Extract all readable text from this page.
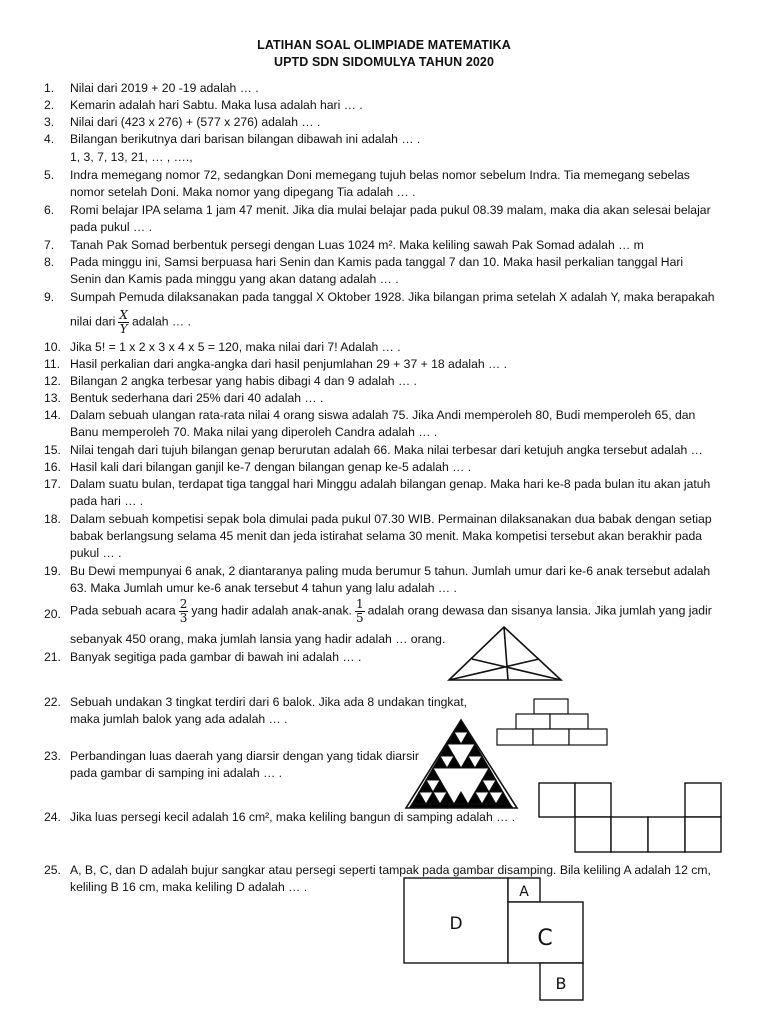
LATIHAN SOAL OLIMPIADE MATEMATIKA
UPTD SDN SIDOMULYA TAHUN 2020
1. Nilai dari 2019 + 20 -19 adalah … .
2. Kemarin adalah hari Sabtu. Maka lusa adalah hari … .
3. Nilai dari (423 x 276) + (577 x 276) adalah … .
4. Bilangan berikutnya dari barisan bilangan dibawah ini adalah … .
1, 3, 7, 13, 21, … , ….,
5. Indra memegang nomor 72, sedangkan Doni memegang tujuh belas nomor sebelum Indra. Tia memegang sebelas
nomor setelah Doni. Maka nomor yang dipegang Tia adalah … .
6. Romi belajar IPA selama 1 jam 47 menit. Jika dia mulai belajar pada pukul 08.39 malam, maka dia akan selesai belajar
pada pukul … .
7. Tanah Pak Somad berbentuk persegi dengan Luas 1024 m². Maka keliling sawah Pak Somad adalah … m
8. Pada minggu ini, Samsi berpuasa hari Senin dan Kamis pada tanggal 7 dan 10. Maka hasil perkalian tanggal Hari
Senin dan Kamis pada minggu yang akan datang adalah … .
9. Sumpah Pemuda dilaksanakan pada tanggal X Oktober 1928. Jika bilangan prima setelah X adalah Y, maka berapakah
nilai dari $\frac{X}{Y}$ adalah … .
10. Jika 5! = 1 x 2 x 3 x 4 x 5 = 120, maka nilai dari 7! Adalah … .
11. Hasil perkalian dari angka-angka dari hasil penjumlahan 29 + 37 + 18 adalah … .
12. Bilangan 2 angka terbesar yang habis dibagi 4 dan 9 adalah … .
13. Bentuk sederhana dari 25% dari 40 adalah … .
14. Dalam sebuah ulangan rata-rata nilai 4 orang siswa adalah 75. Jika Andi memperoleh 80, Budi memperoleh 65, dan
Banu memperoleh 70. Maka nilai yang diperoleh Candra adalah … .
15. Nilai tengah dari tujuh bilangan genap berurutan adalah 66. Maka nilai terbesar dari ketujuh angka tersebut adalah …
16. Hasil kali dari bilangan ganjil ke-7 dengan bilangan genap ke-5 adalah … .
17. Dalam suatu bulan, terdapat tiga tanggal hari Minggu adalah bilangan genap. Maka hari ke-8 pada bulan itu akan jatuh
pada hari … .
18. Dalam sebuah kompetisi sepak bola dimulai pada pukul 07.30 WIB. Permainan dilaksanakan dua babak dengan setiap
babak berlangsung selama 45 menit dan jeda istirahat selama 30 menit. Maka kompetisi tersebut akan berakhir pada
pukul … .
19. Bu Dewi mempunyai 6 anak, 2 diantaranya paling muda berumur 5 tahun. Jumlah umur dari ke-6 anak tersebut adalah
63. Maka Jumlah umur ke-6 anak tersebut 4 tahun yang lalu adalah … .
20. Pada sebuah acara $\frac{2}{3}$ yang hadir adalah anak-anak. $\frac{1}{5}$ adalah orang dewasa dan sisanya lansia. Jika jumlah yang jadir
sebanyak 450 orang, maka jumlah lansia yang hadir adalah … orang.
21. Banyak segitiga pada gambar di bawah ini adalah … .
22. Sebuah undakan 3 tingkat terdiri dari 6 balok. Jika ada 8 undakan tingkat,
maka jumlah balok yang ada adalah … .
23. Perbandingan luas daerah yang diarsir dengan yang tidak diarsir
pada gambar di samping ini adalah … .
24. Jika luas persegi kecil adalah 16 cm², maka keliling bangun di samping adalah … .
25. A, B, C, dan D adalah bujur sangkar atau persegi seperti tampak pada gambar disamping. Bila keliling A adalah 12 cm,
keliling B 16 cm, maka keliling D adalah … .
D
A
C
B
